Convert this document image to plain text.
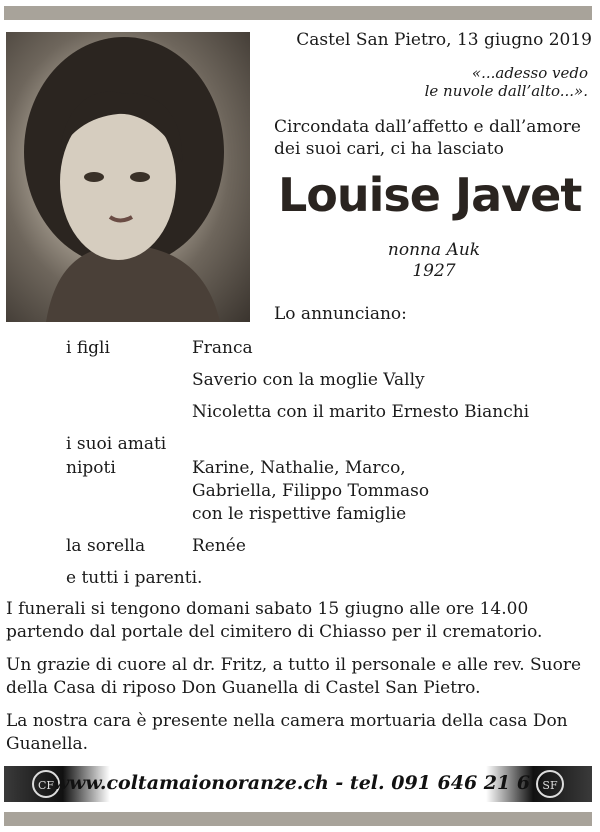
Castel San Pietro, 13 giugno 2019
«...adesso vedo
le nuvole dall’alto...».
Circondata dall’affetto e dall’amore dei suoi cari, ci ha lasciato
Louise Javet
nonna Auk
1927
Lo annunciano:
i figli	Franca
Saverio con la moglie Vally
Nicoletta con il marito Ernesto Bianchi
i suoi amati
nipoti	Karine, Nathalie, Marco,
Gabriella, Filippo Tommaso
con le rispettive famiglie
la sorella	Renée
e tutti i parenti.
I funerali si tengono domani sabato 15 giugno alle ore 14.00 partendo dal portale del cimitero di Chiasso per il crematorio.
Un grazie di cuore al dr. Fritz, a tutto il personale e alle rev. Suore della Casa di riposo Don Guanella di Castel San Pietro.
La nostra cara è presente nella camera mortuaria della casa Don Guanella.
CF
www.coltamaionoranze.ch - tel. 091 646 21 67 SF
